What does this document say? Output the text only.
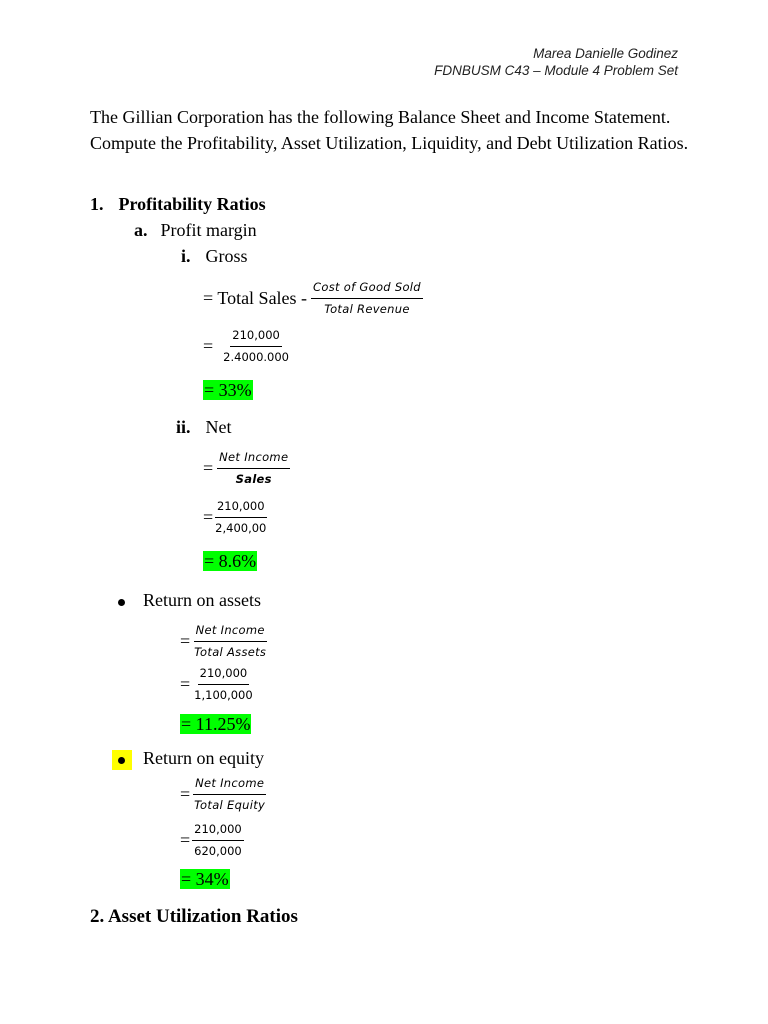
Marea Danielle Godinez
FDNBUSM C43 – Module 4 Problem Set
The Gillian Corporation has the following Balance Sheet and Income Statement. Compute the Profitability, Asset Utilization, Liquidity, and Debt Utilization Ratios.
1. Profitability Ratios
a. Profit margin
i. Gross
= Total Sales - $\frac{\text{Cost of Good Sold}}{\text{Total Revenue}}$
= $\frac{210,000}{2.4000.000}$
= 33%
ii. Net
= $\frac{\text{Net Income}}{\text{Sales}}$
= $\frac{210,000}{2,400,00}$
= 8.6%
Return on assets
= $\frac{\text{Net Income}}{\text{Total Assets}}$
= $\frac{210,000}{1,100,000}$
= 11.25%
Return on equity
= $\frac{\text{Net Income}}{\text{Total Equity}}$
= $\frac{210,000}{620,000}$
= 34%
2. Asset Utilization Ratios
